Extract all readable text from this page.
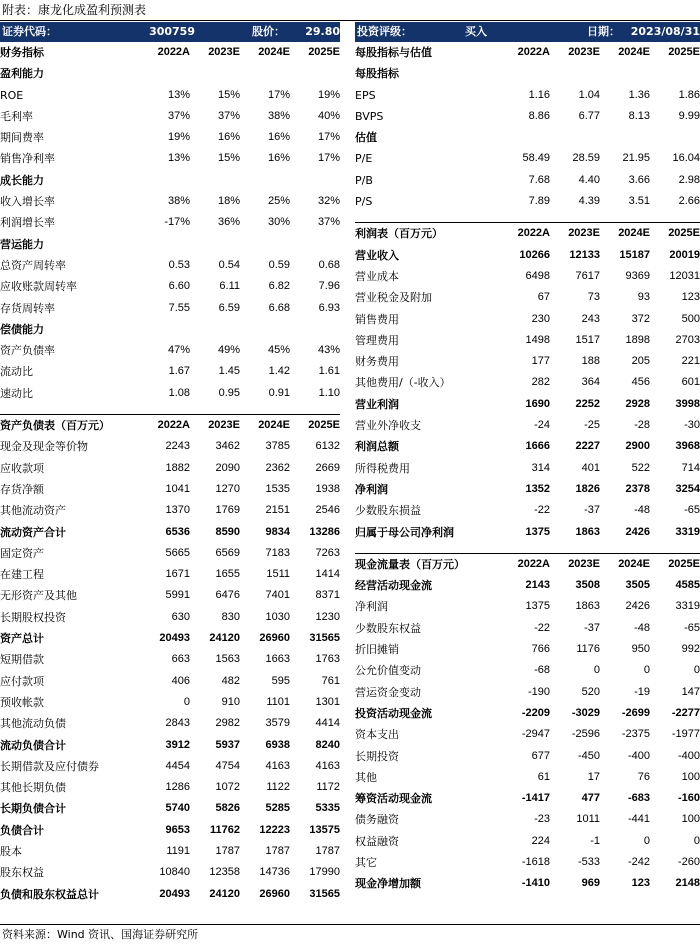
附表：康龙化成盈利预测表
证券代码：	300759	股价：	29.80
财务指标	2022A	2023E	2024E	2025E
盈利能力
ROE	13%	15%	17%	19%
毛利率	37%	37%	38%	40%
期间费率	19%	16%	16%	17%
销售净利率	13%	15%	16%	17%
成长能力
收入增长率	38%	18%	25%	32%
利润增长率	-17%	36%	30%	37%
营运能力
总资产周转率	0.53	0.54	0.59	0.68
应收账款周转率	6.60	6.11	6.82	7.96
存货周转率	7.55	6.59	6.68	6.93
偿债能力
资产负债率	47%	49%	45%	43%
流动比	1.67	1.45	1.42	1.61
速动比	1.08	0.95	0.91	1.10
资产负债表（百万元）	2022A	2023E	2024E	2025E
现金及现金等价物	2243	3462	3785	6132
应收款项	1882	2090	2362	2669
存货净额	1041	1270	1535	1938
其他流动资产	1370	1769	2151	2546
流动资产合计	6536	8590	9834	13286
固定资产	5665	6569	7183	7263
在建工程	1671	1655	1511	1414
无形资产及其他	5991	6476	7401	8371
长期股权投资	630	830	1030	1230
资产总计	20493	24120	26960	31565
短期借款	663	1563	1663	1763
应付款项	406	482	595	761
预收帐款	0	910	1101	1301
其他流动负债	2843	2982	3579	4414
流动负债合计	3912	5937	6938	8240
长期借款及应付债券	4454	4754	4163	4163
其他长期负债	1286	1072	1122	1172
长期负债合计	5740	5826	5285	5335
负债合计	9653	11762	12223	13575
股本	1191	1787	1787	1787
股东权益	10840	12358	14736	17990
负债和股东权益总计	20493	24120	26960	31565
投资评级：	买入	日期： 2023/08/31
每股指标与估值	2022A	2023E	2024E	2025E
每股指标
EPS	1.16	1.04	1.36	1.86
BVPS	8.86	6.77	8.13	9.99
估值
P/E	58.49	28.59	21.95	16.04
P/B	7.68	4.40	3.66	2.98
P/S	7.89	4.39	3.51	2.66
利润表（百万元）	2022A	2023E	2024E	2025E
营业收入	10266	12133	15187	20019
营业成本	6498	7617	9369	12031
营业税金及附加	67	73	93	123
销售费用	230	243	372	500
管理费用	1498	1517	1898	2703
财务费用	177	188	205	221
其他费用/（-收入）	282	364	456	601
营业利润	1690	2252	2928	3998
营业外净收支	-24	-25	-28	-30
利润总额	1666	2227	2900	3968
所得税费用	314	401	522	714
净利润	1352	1826	2378	3254
少数股东损益	-22	-37	-48	-65
归属于母公司净利润	1375	1863	2426	3319
现金流量表（百万元）	2022A	2023E	2024E	2025E
经营活动现金流	2143	3508	3505	4585
净利润	1375	1863	2426	3319
少数股东权益	-22	-37	-48	-65
折旧摊销	766	1176	950	992
公允价值变动	-68	0	0	0
营运资金变动	-190	520	-19	147
投资活动现金流	-2209	-3029	-2699	-2277
资本支出	-2947	-2596	-2375	-1977
长期投资	677	-450	-400	-400
其他	61	17	76	100
筹资活动现金流	-1417	477	-683	-160
债务融资	-23	1011	-441	100
权益融资	224	-1	0	0
其它	-1618	-533	-242	-260
现金净增加额	-1410	969	123	2148
资料来源：Wind 资讯、国海证券研究所
